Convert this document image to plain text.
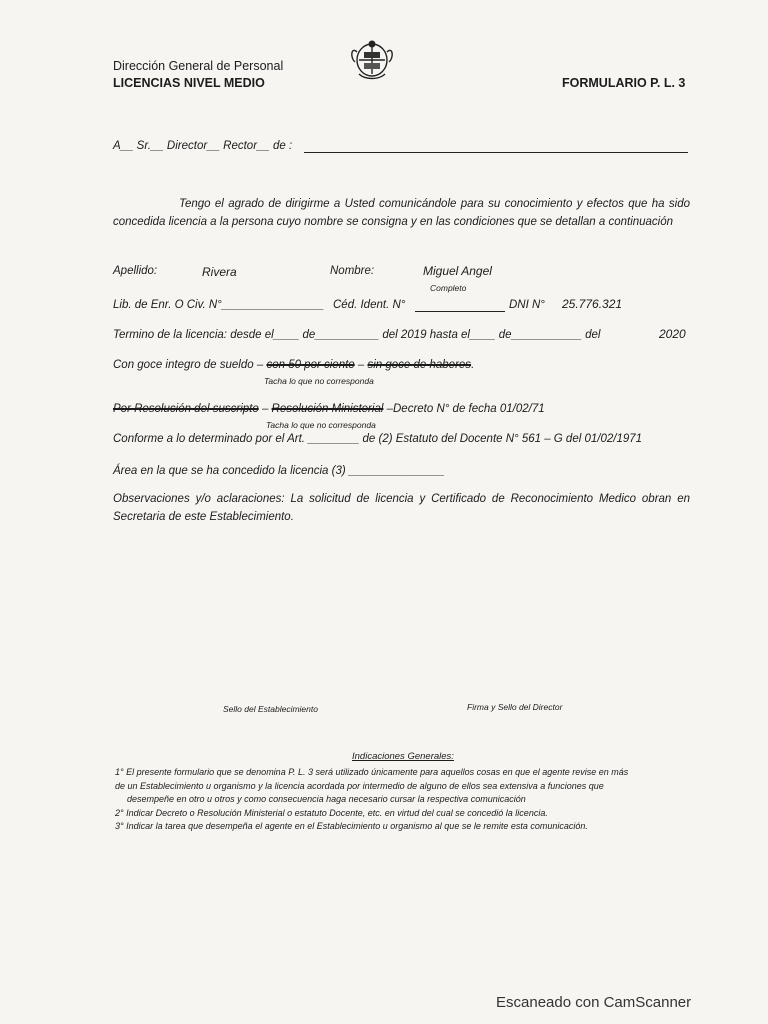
Dirección General de Personal
LICENCIAS NIVEL MEDIO	FORMULARIO P. L. 3
A__ Sr.__ Director__ Rector__ de :
Tengo el agrado de dirigirme a Usted comunicándole para su conocimiento y efectos que ha sido concedida licencia a la persona cuyo nombre se consigna y en las condiciones que se detallan a continuación
Apellido:	Rivera	Nombre:	Miguel Angel
Completo
Lib. de Enr. O Civ. N°________________ Céd. Ident. N°	DNI N° 25.776.321
Termino de la licencia: desde el____ de__________ del 2019 hasta el____ de___________ del	2020
Con goce integro de sueldo – con 50 por ciento – sin goce de haberes.
Tacha lo que no corresponda
Por Resolución del suscripto – Resolución Ministerial –Decreto N° de fecha 01/02/71
Tacha lo que no corresponda
Conforme a lo determinado por el Art. ________ de (2) Estatuto del Docente N° 561 – G del 01/02/1971
Área en la que se ha concedido la licencia (3) _______________
Observaciones y/o aclaraciones: La solicitud de licencia y Certificado de Reconocimiento Medico obran en Secretaria de este Establecimiento.
Sello del Establecimiento	Firma y Sello del Director
Indicaciones Generales:
1° El presente formulario que se denomina P. L. 3 será utilizado únicamente para aquellos cosas en que el agente revise en más
de un Establecimiento u organismo y la licencia acordada por intermedio de alguno de ellos sea extensiva a funciones que
desempeñe en otro u otros y como consecuencia haga necesario cursar la respectiva comunicación
2° Indicar Decreto o Resolución Ministerial o estatuto Docente, etc. en virtud del cual se concedió la licencia.
3° Indicar la tarea que desempeña el agente en el Establecimiento u organismo al que se le remite esta comunicación.
Escaneado con CamScanner
